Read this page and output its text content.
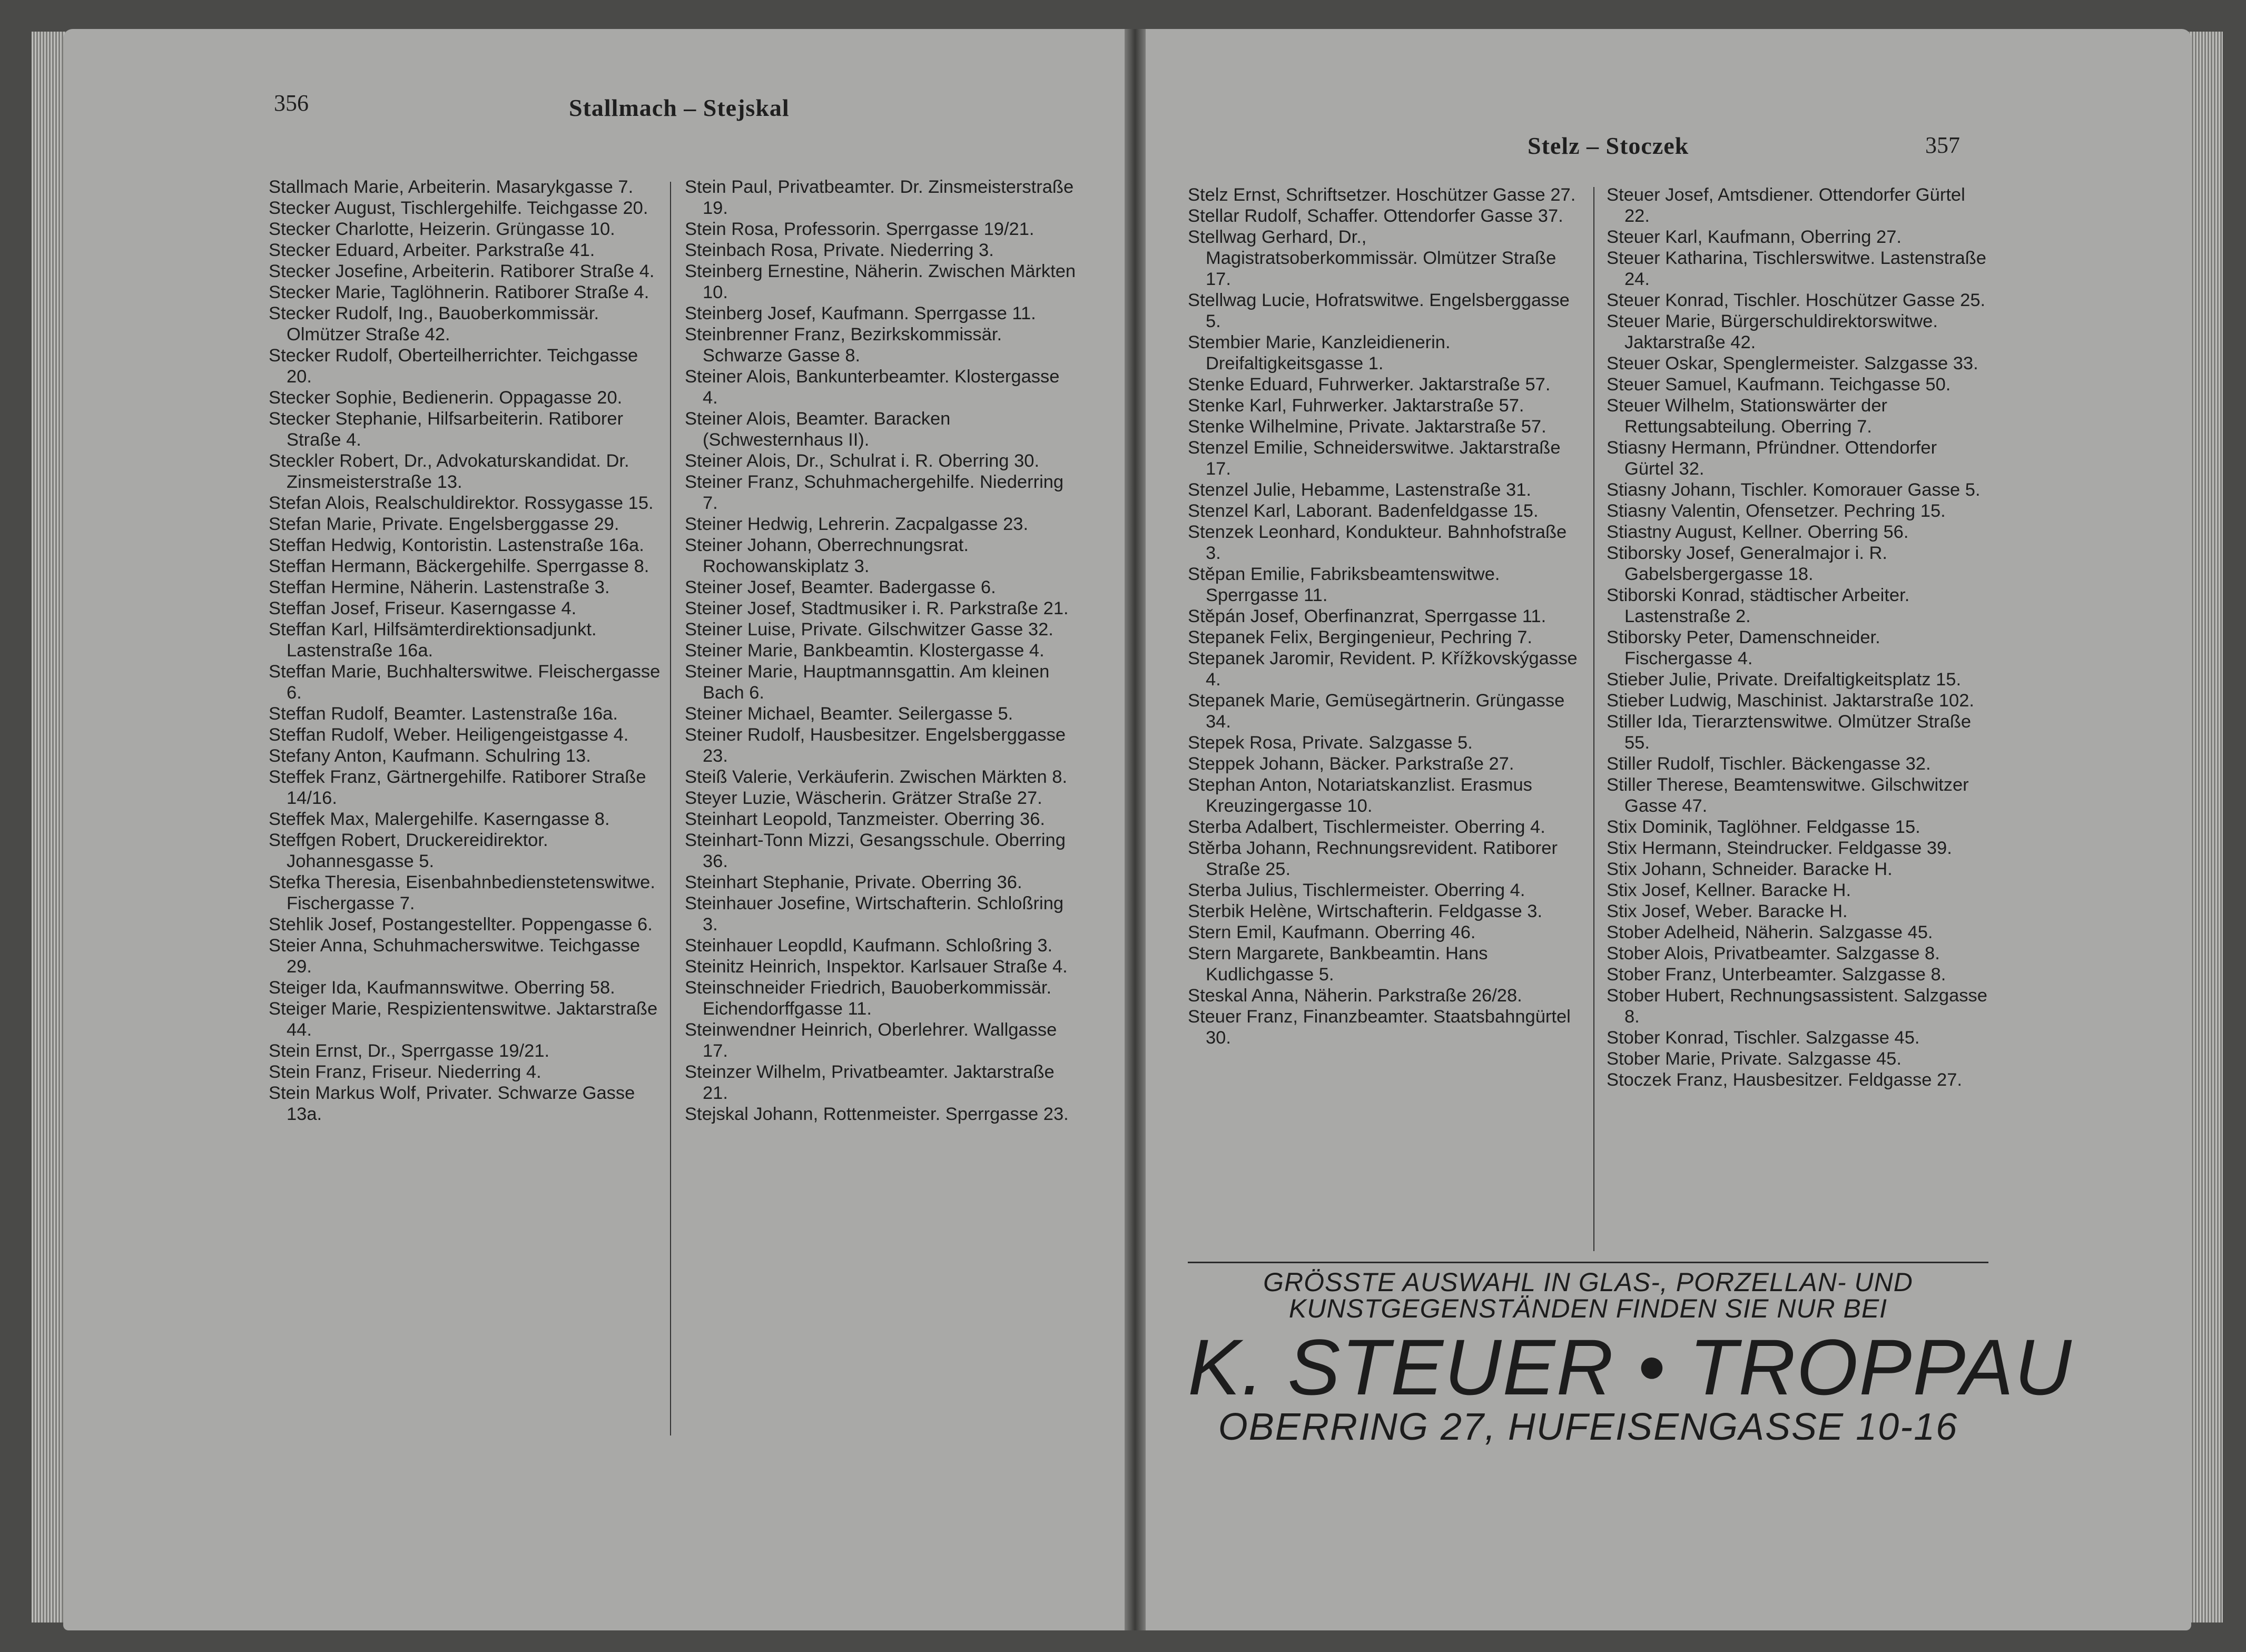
356	Stallmach – Stejskal
357
Stelz – Stoczek
Stallmach Marie, Arbeiterin. Masarykgasse 7.
Stecker August, Tischlergehilfe. Teichgasse 20.
Stecker Charlotte, Heizerin. Grüngasse 10.
Stecker Eduard, Arbeiter. Parkstraße 41.
Stecker Josefine, Arbeiterin. Ratiborer Straße 4.
Stecker Marie, Taglöhnerin. Ratiborer Straße 4.
Stecker Rudolf, Ing., Bauoberkommissär. Olmützer Straße 42.
Stecker Rudolf, Oberteilherrichter. Teichgasse 20.
Stecker Sophie, Bedienerin. Oppagasse 20.
Stecker Stephanie, Hilfsarbeiterin. Ratiborer Straße 4.
Steckler Robert, Dr., Advokaturskandidat. Dr. Zinsmeisterstraße 13.
Stefan Alois, Realschuldirektor. Rossygasse 15.
Stefan Marie, Private. Engelsberggasse 29.
Steffan Hedwig, Kontoristin. Lastenstraße 16a.
Steffan Hermann, Bäckergehilfe. Sperrgasse 8.
Steffan Hermine, Näherin. Lastenstraße 3.
Steffan Josef, Friseur. Kaserngasse 4.
Steffan Karl, Hilfsämterdirektionsadjunkt. Lastenstraße 16a.
Steffan Marie, Buchhalterswitwe. Fleischergasse 6.
Steffan Rudolf, Beamter. Lastenstraße 16a.
Steffan Rudolf, Weber. Heiligengeistgasse 4.
Stefany Anton, Kaufmann. Schulring 13.
Steffek Franz, Gärtnergehilfe. Ratiborer Straße 14/16.
Steffek Max, Malergehilfe. Kaserngasse 8.
Steffgen Robert, Druckereidirektor. Johannesgasse 5.
Stefka Theresia, Eisenbahnbedienstetenswitwe. Fischergasse 7.
Stehlik Josef, Postangestellter. Poppengasse 6.
Steier Anna, Schuhmacherswitwe. Teichgasse 29.
Steiger Ida, Kaufmannswitwe. Oberring 58.
Steiger Marie, Respizientenswitwe. Jaktarstraße 44.
Stein Ernst, Dr., Sperrgasse 19/21.
Stein Franz, Friseur. Niederring 4.
Stein Markus Wolf, Privater. Schwarze Gasse 13a.
Stein Paul, Privatbeamter. Dr. Zinsmeisterstraße 19.
Stein Rosa, Professorin. Sperrgasse 19/21.
Steinbach Rosa, Private. Niederring 3.
Steinberg Ernestine, Näherin. Zwischen Märkten 10.
Steinberg Josef, Kaufmann. Sperrgasse 11.
Steinbrenner Franz, Bezirkskommissär. Schwarze Gasse 8.
Steiner Alois, Bankunterbeamter. Klostergasse 4.
Steiner Alois, Beamter. Baracken (Schwesternhaus II).
Steiner Alois, Dr., Schulrat i. R. Oberring 30.
Steiner Franz, Schuhmachergehilfe. Niederring 7.
Steiner Hedwig, Lehrerin. Zacpalgasse 23.
Steiner Johann, Oberrechnungsrat. Rochowanskiplatz 3.
Steiner Josef, Beamter. Badergasse 6.
Steiner Josef, Stadtmusiker i. R. Parkstraße 21.
Steiner Luise, Private. Gilschwitzer Gasse 32.
Steiner Marie, Bankbeamtin. Klostergasse 4.
Steiner Marie, Hauptmannsgattin. Am kleinen Bach 6.
Steiner Michael, Beamter. Seilergasse 5.
Steiner Rudolf, Hausbesitzer. Engelsberggasse 23.
Steiß Valerie, Verkäuferin. Zwischen Märkten 8.
Steyer Luzie, Wäscherin. Grätzer Straße 27.
Steinhart Leopold, Tanzmeister. Oberring 36.
Steinhart-Tonn Mizzi, Gesangsschule. Oberring 36.
Steinhart Stephanie, Private. Oberring 36.
Steinhauer Josefine, Wirtschafterin. Schloßring 3.
Steinhauer Leopdld, Kaufmann. Schloßring 3.
Steinitz Heinrich, Inspektor. Karlsauer Straße 4.
Steinschneider Friedrich, Bauoberkommissär. Eichendorffgasse 11.
Steinwendner Heinrich, Oberlehrer. Wallgasse 17.
Steinzer Wilhelm, Privatbeamter. Jaktarstraße 21.
Stejskal Johann, Rottenmeister. Sperrgasse 23.
Stelz Ernst, Schriftsetzer. Hoschützer Gasse 27.
Stellar Rudolf, Schaffer. Ottendorfer Gasse 37.
Stellwag Gerhard, Dr., Magistratsoberkommissär. Olmützer Straße 17.
Stellwag Lucie, Hofratswitwe. Engelsberggasse 5.
Stembier Marie, Kanzleidienerin. Dreifaltigkeitsgasse 1.
Stenke Eduard, Fuhrwerker. Jaktarstraße 57.
Stenke Karl, Fuhrwerker. Jaktarstraße 57.
Stenke Wilhelmine, Private. Jaktarstraße 57.
Stenzel Emilie, Schneiderswitwe. Jaktarstraße 17.
Stenzel Julie, Hebamme, Lastenstraße 31.
Stenzel Karl, Laborant. Badenfeldgasse 15.
Stenzek Leonhard, Kondukteur. Bahnhofstraße 3.
Stěpan Emilie, Fabriksbeamtenswitwe. Sperrgasse 11.
Stěpán Josef, Oberfinanzrat, Sperrgasse 11.
Stepanek Felix, Bergingenieur, Pechring 7.
Stepanek Jaromir, Revident. P. Křížkovskýgasse 4.
Stepanek Marie, Gemüsegärtnerin. Grüngasse 34.
Stepek Rosa, Private. Salzgasse 5.
Steppek Johann, Bäcker. Parkstraße 27.
Stephan Anton, Notariatskanzlist. Erasmus Kreuzingergasse 10.
Sterba Adalbert, Tischlermeister. Oberring 4.
Stěrba Johann, Rechnungsrevident. Ratiborer Straße 25.
Sterba Julius, Tischlermeister. Oberring 4.
Sterbik Helène, Wirtschafterin. Feldgasse 3.
Stern Emil, Kaufmann. Oberring 46.
Stern Margarete, Bankbeamtin. Hans Kudlichgasse 5.
Steskal Anna, Näherin. Parkstraße 26/28.
Steuer Franz, Finanzbeamter. Staatsbahngürtel 30.
Steuer Josef, Amtsdiener. Ottendorfer Gürtel 22.
Steuer Karl, Kaufmann, Oberring 27.
Steuer Katharina, Tischlerswitwe. Lastenstraße 24.
Steuer Konrad, Tischler. Hoschützer Gasse 25.
Steuer Marie, Bürgerschuldirektorswitwe. Jaktarstraße 42.
Steuer Oskar, Spenglermeister. Salzgasse 33.
Steuer Samuel, Kaufmann. Teichgasse 50.
Steuer Wilhelm, Stationswärter der Rettungsabteilung. Oberring 7.
Stiasny Hermann, Pfründner. Ottendorfer Gürtel 32.
Stiasny Johann, Tischler. Komorauer Gasse 5.
Stiasny Valentin, Ofensetzer. Pechring 15.
Stiastny August, Kellner. Oberring 56.
Stiborsky Josef, Generalmajor i. R. Gabelsbergergasse 18.
Stiborski Konrad, städtischer Arbeiter. Lastenstraße 2.
Stiborsky Peter, Damenschneider. Fischergasse 4.
Stieber Julie, Private. Dreifaltigkeitsplatz 15.
Stieber Ludwig, Maschinist. Jaktarstraße 102.
Stiller Ida, Tierarztenswitwe. Olmützer Straße 55.
Stiller Rudolf, Tischler. Bäckengasse 32.
Stiller Therese, Beamtenswitwe. Gilschwitzer Gasse 47.
Stix Dominik, Taglöhner. Feldgasse 15.
Stix Hermann, Steindrucker. Feldgasse 39.
Stix Johann, Schneider. Baracke H.
Stix Josef, Kellner. Baracke H.
Stix Josef, Weber. Baracke H.
Stober Adelheid, Näherin. Salzgasse 45.
Stober Alois, Privatbeamter. Salzgasse 8.
Stober Franz, Unterbeamter. Salzgasse 8.
Stober Hubert, Rechnungsassistent. Salzgasse 8.
Stober Konrad, Tischler. Salzgasse 45.
Stober Marie, Private. Salzgasse 45.
Stoczek Franz, Hausbesitzer. Feldgasse 27.
GRÖSSTE AUSWAHL IN GLAS-, PORZELLAN- UND
KUNSTGEGENSTÄNDEN FINDEN SIE NUR BEI
K. STEUER • TROPPAU
OBERRING 27, HUFEISENGASSE 10-16
